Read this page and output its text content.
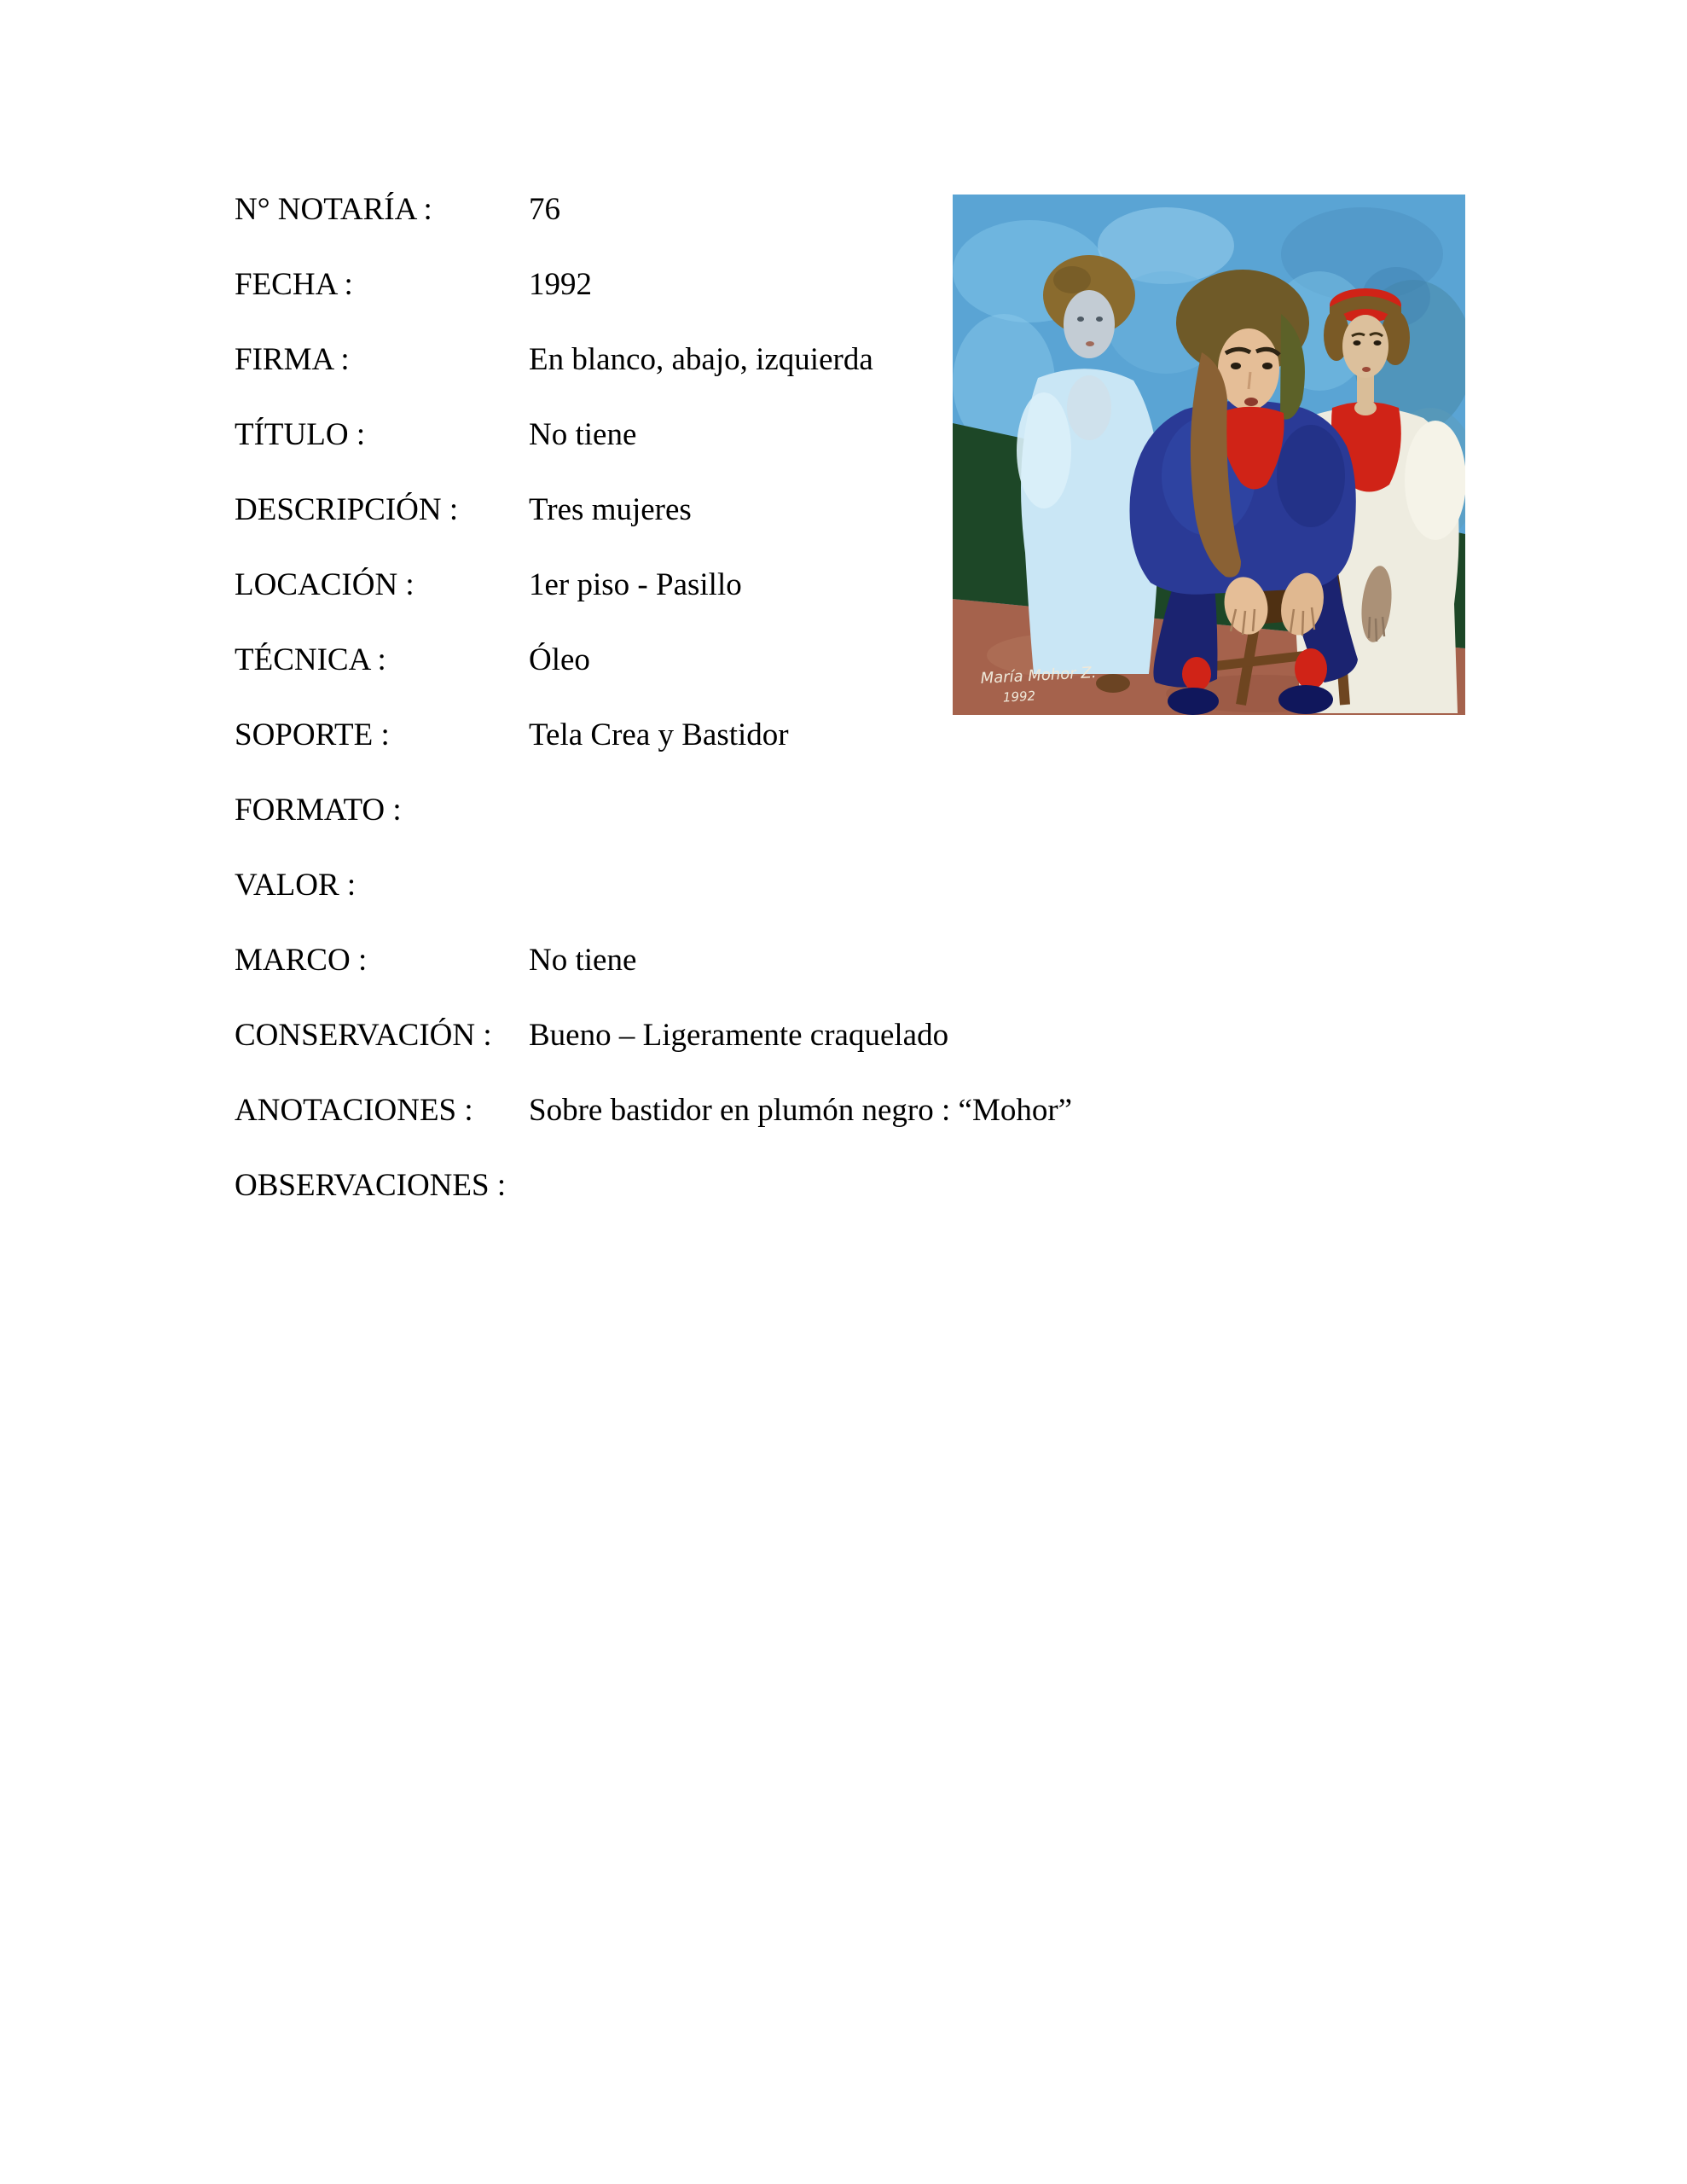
N° NOTARÍA :	76
FECHA :	1992
FIRMA :	En blanco, abajo, izquierda
TÍTULO :	No tiene
DESCRIPCIÓN :	Tres mujeres
LOCACIÓN :	1er piso - Pasillo
TÉCNICA :	Óleo
SOPORTE :	Tela Crea y Bastidor
FORMATO :
VALOR :
MARCO :	No tiene
CONSERVACIÓN :	Bueno – Ligeramente craquelado
ANOTACIONES :	Sobre bastidor en plumón negro : “Mohor”
OBSERVACIONES :
María Mohor Z.
1992
